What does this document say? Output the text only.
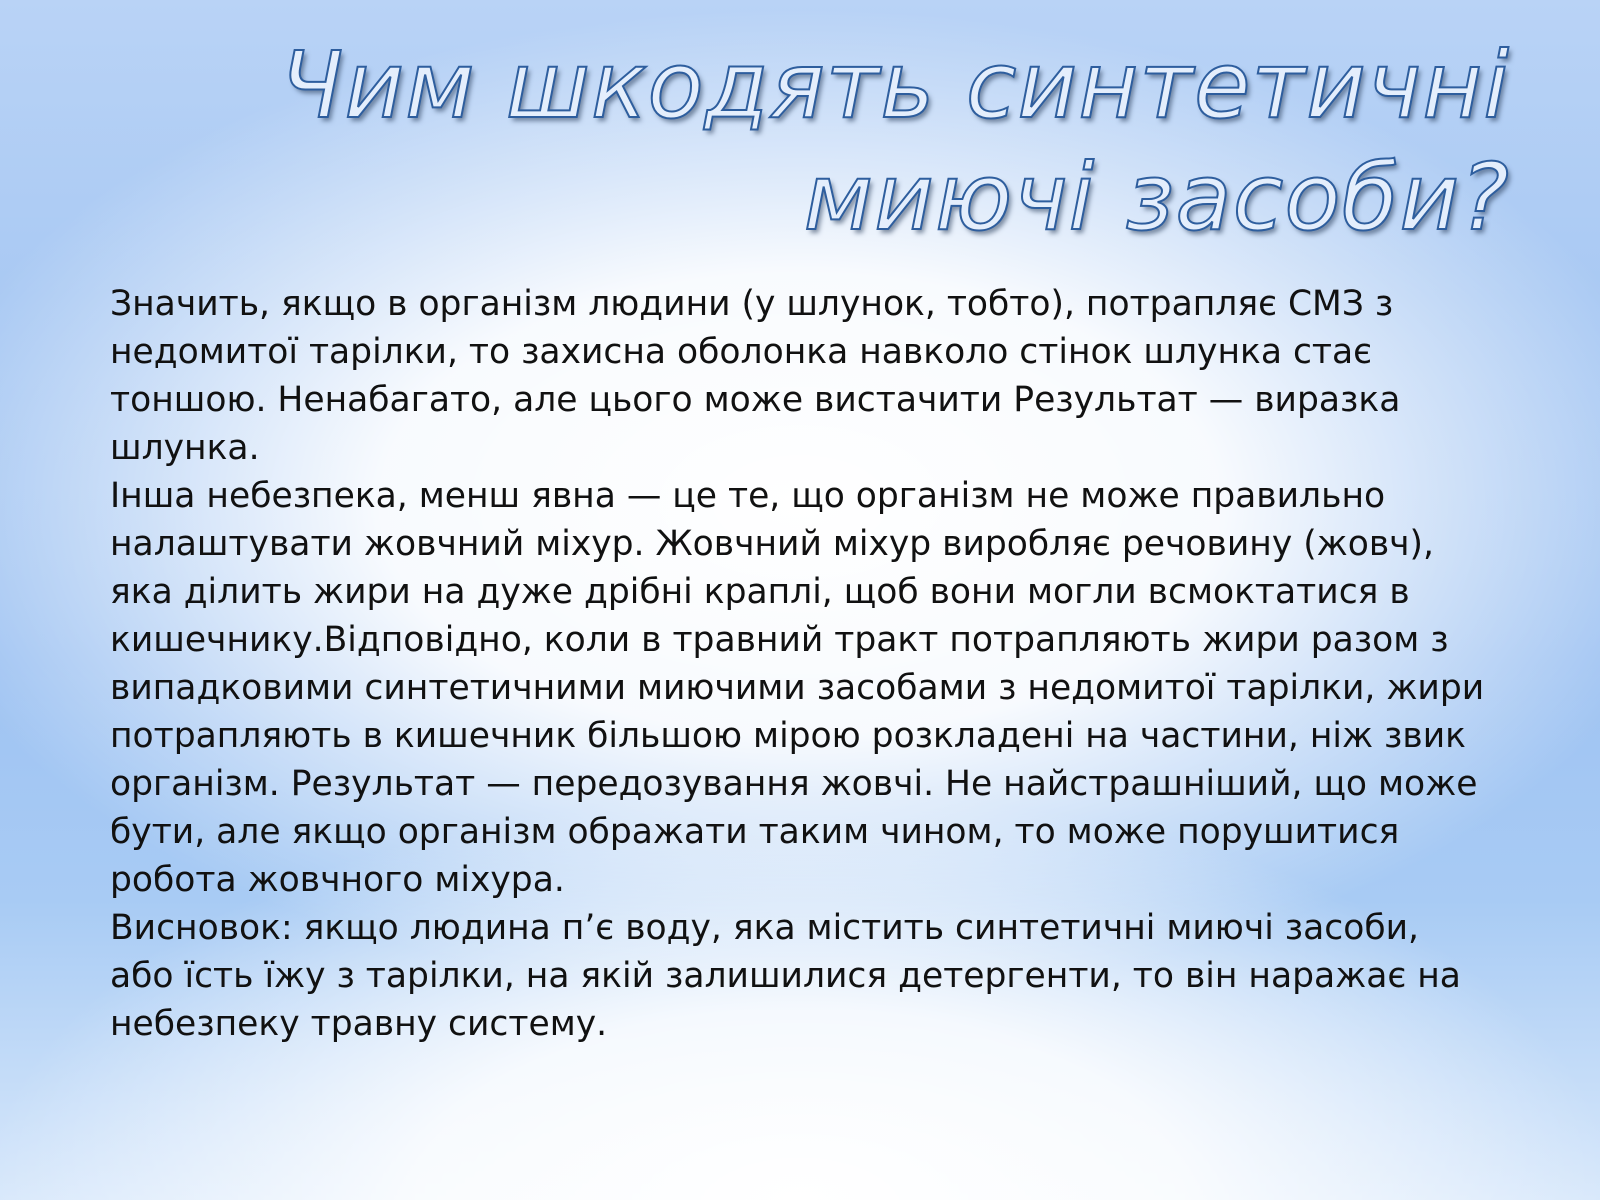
Чим шкодять синтетичні
миючі засоби?

Значить, якщо в організм людини (у шлунок, тобто), потрапляє СМЗ з недомитої тарілки, то захисна оболонка навколо стінок шлунка стає тоншою. Ненабагато, але цього може вистачити Результат — виразка шлунка.

Інша небезпека, менш явна — це те, що організм не може правильно налаштувати жовчний міхур. Жовчний міхур виробляє речовину (жовч), яка ділить жири на дуже дрібні краплі, щоб вони могли всмоктатися в кишечнику.Відповідно, коли в травний тракт потрапляють жири разом з випадковими синтетичними миючими засобами з недомитої тарілки, жири потрапляють в кишечник більшою мірою розкладені на частини, ніж звик організм. Результат — передозування жовчі. Не найстрашніший, що може бути, але якщо організм ображати таким чином, то може порушитися робота жовчного міхура.

Висновок: якщо людина п’є воду, яка містить синтетичні миючі засоби, або їсть їжу з тарілки, на якій залишилися детергенти, то він наражає на небезпеку травну систему.
